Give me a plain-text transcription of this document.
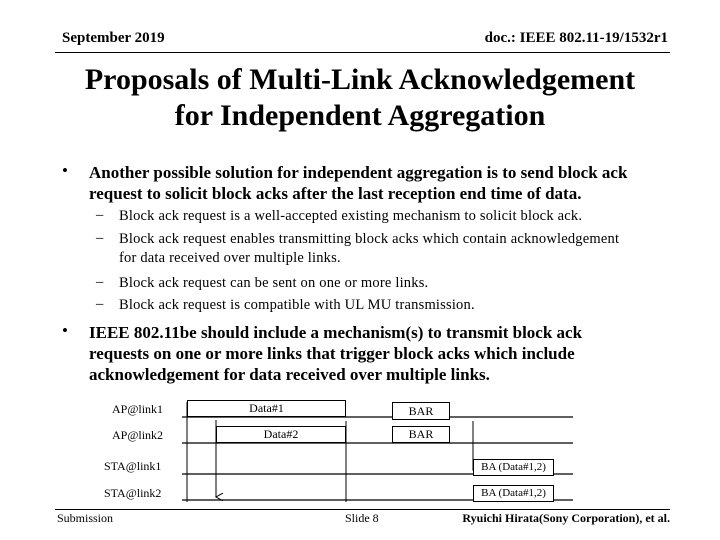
September 2019	doc.: IEEE 802.11-19/1532r1
Proposals of Multi-Link Acknowledgement
for Independent Aggregation
• Another possible solution for independent aggregation is to send block ack
request to solicit block acks after the last reception end time of data.
– Block ack request is a well-accepted existing mechanism to solicit block ack.
– Block ack request enables transmitting block acks which contain acknowledgement
for data received over multiple links.
– Block ack request can be sent on one or more links.
– Block ack request is compatible with UL MU transmission.
• IEEE 802.11be should include a mechanism(s) to transmit block ack
requests on one or more links that trigger block acks which include
acknowledgement for data received over multiple links.
AP@link1
AP@link2
STA@link1
STA@link2
Data#1	BAR
Data#2	BAR
BA (Data#1,2)
BA (Data#1,2)
Submission	Slide 8	Ryuichi Hirata(Sony Corporation), et al.
